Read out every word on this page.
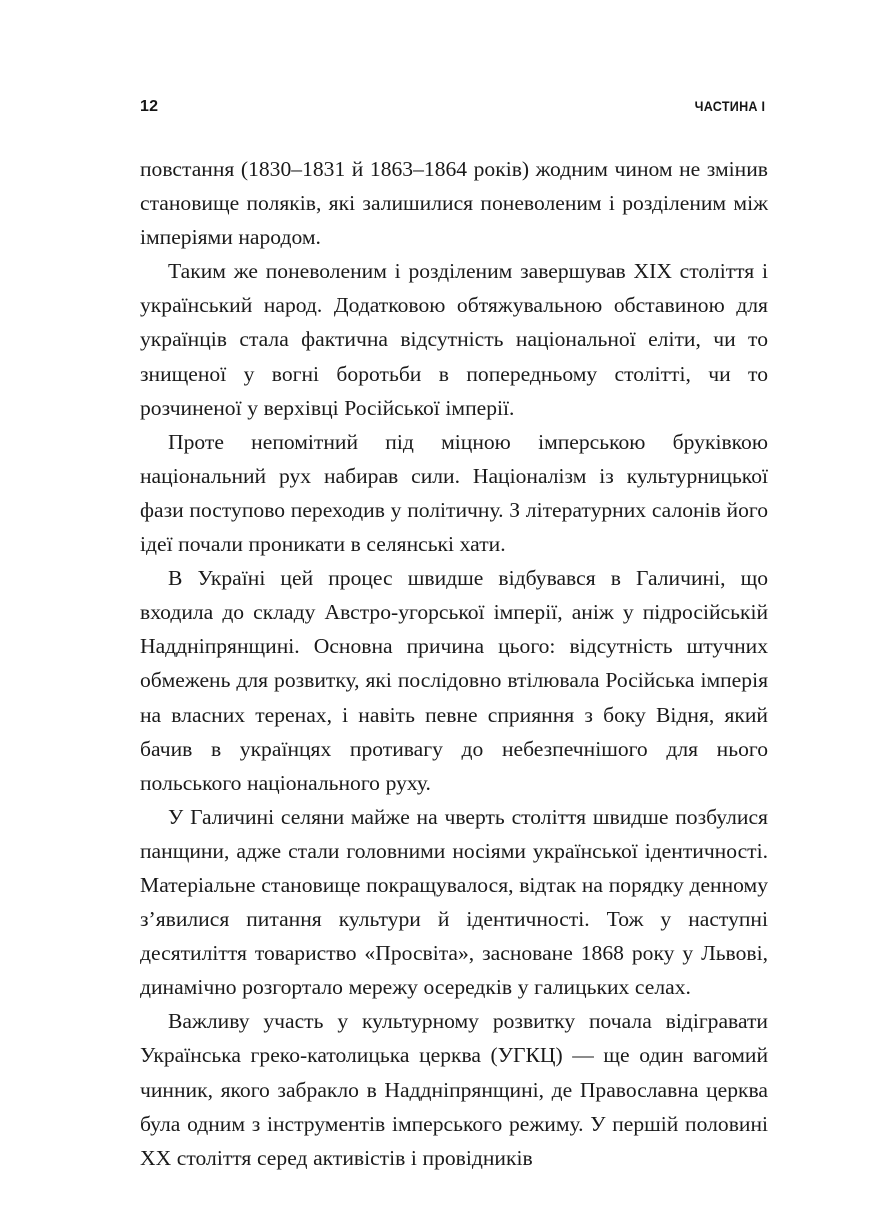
12	ЧАСТИНА I

повстання (1830–1831 й 1863–1864 років) жодним чином не змінив становище поляків, які залишилися поневоленим і розділеним між імперіями народом.

Таким же поневоленим і розділеним завершував XIX століття і український народ. Додатковою обтяжувальною обставиною для українців стала фактична відсутність національної еліти, чи то знищеної у вогні боротьби в попередньому столітті, чи то розчиненої у верхівці Російської імперії.

Проте непомітний під міцною імперською бруківкою національний рух набирав сили. Націоналізм із культурницької фази поступово переходив у політичну. З літературних салонів його ідеї почали проникати в селянські хати.

В Україні цей процес швидше відбувався в Галичині, що входила до складу Австро-угорської імперії, аніж у підросійській Наддніпрянщині. Основна причина цього: відсутність штучних обмежень для розвитку, які послідовно втілювала Російська імперія на власних теренах, і навіть певне сприяння з боку Відня, який бачив в українцях противагу до небезпечнішого для нього польського національного руху.

У Галичині селяни майже на чверть століття швидше позбулися панщини, адже стали головними носіями української ідентичності. Матеріальне становище покращувалося, відтак на порядку денному з’явилися питання культури й ідентичності. Тож у наступні десятиліття товариство «Просвіта», засноване 1868 року у Львові, динамічно розгортало мережу осередків у галицьких селах.

Важливу участь у культурному розвитку почала відігравати Українська греко-католицька церква (УГКЦ) — ще один вагомий чинник, якого забракло в Наддніпрянщині, де Православна церква була одним з інструментів імперського режиму. У першій половині XX століття серед активістів і провідників
